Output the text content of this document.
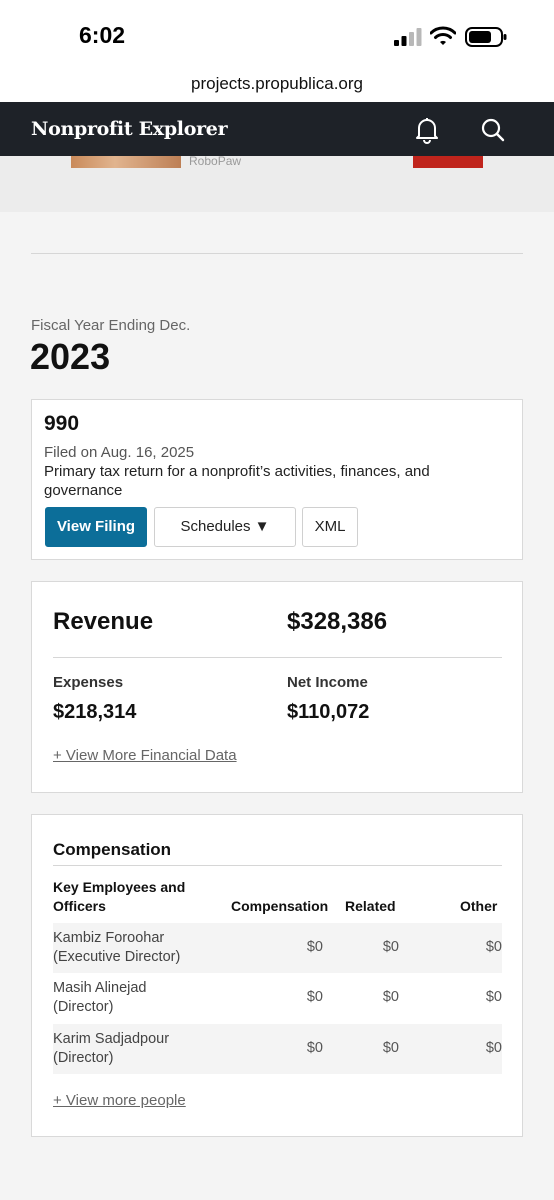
6:02
projects.propublica.org
Nonprofit Explorer
RoboPaw
Fiscal Year Ending Dec.
2023
990
Filed on Aug. 16, 2025
Primary tax return for a nonprofit’s activities, finances, and governance
View Filing	Schedules ▼	XML
Revenue	$328,386
Expenses
$218,314
Net Income
$110,072
+ View More Financial Data
Compensation
Key Employees and Officers	Compensation Related	Other
Kambiz Foroohar
(Executive Director)
$0	$0	$0
Masih Alinejad
(Director)
$0	$0	$0
Karim Sadjadpour
(Director)
$0	$0	$0
+ View more people
